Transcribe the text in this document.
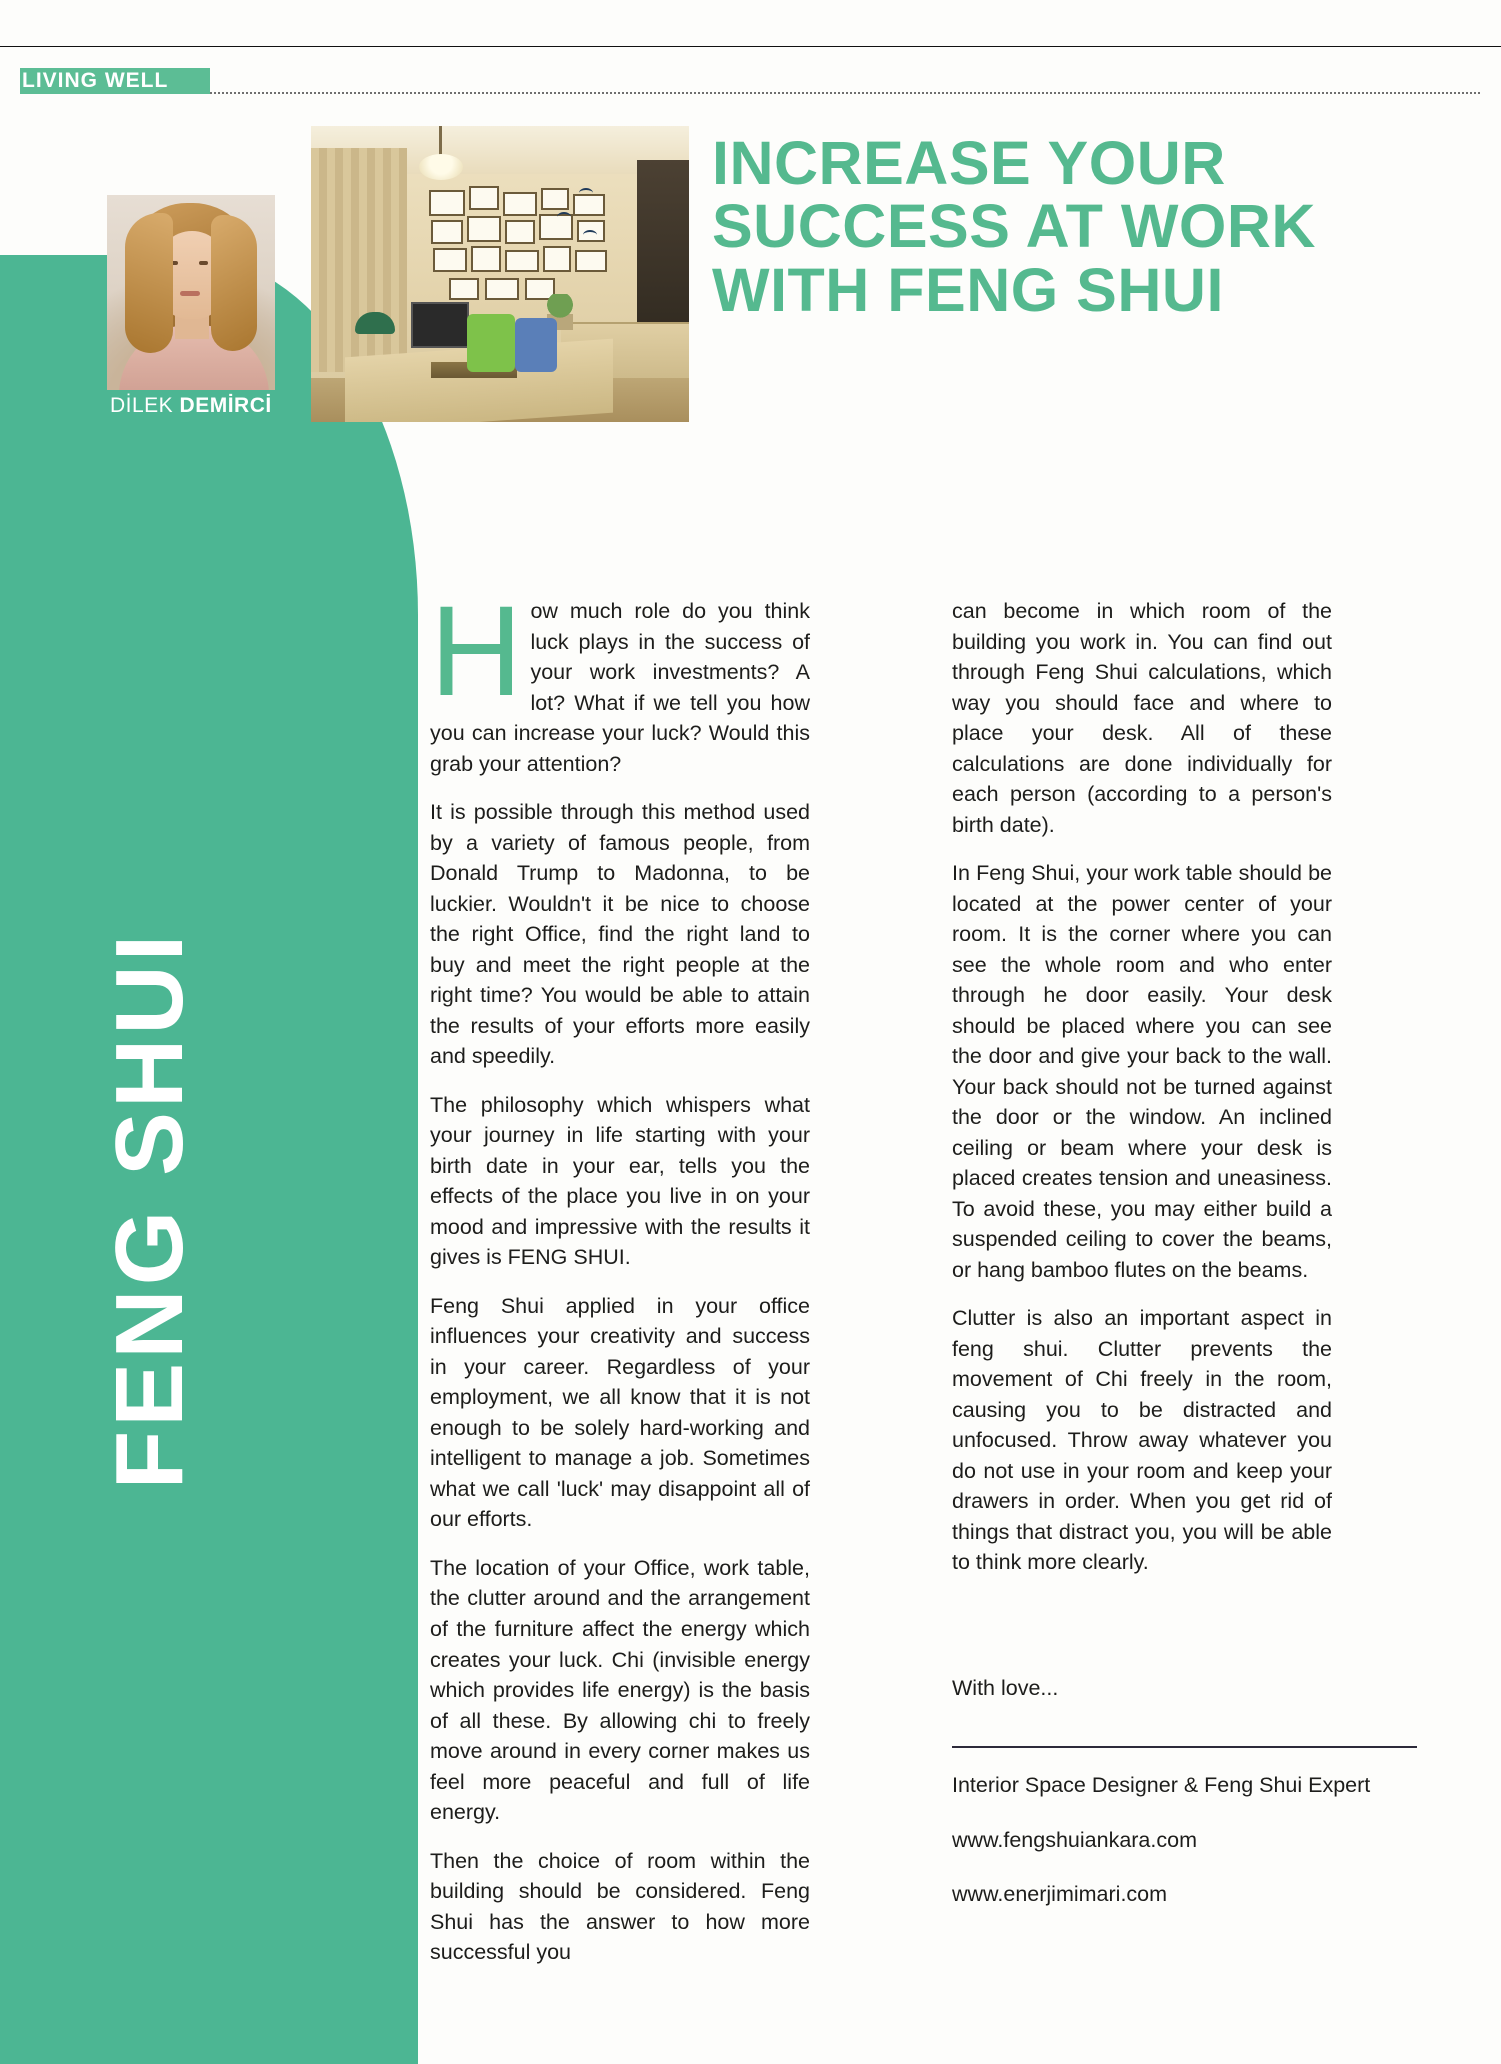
LIVING WELL
FENG SHUI
DİLEK DEMİRCİ
INCREASE YOUR SUCCESS AT WORK WITH FENG SHUI

How much role do you think luck plays in the success of your work investments? A lot? What if we tell you how you can increase your luck? Would this grab your attention?

It is possible through this method used by a variety of famous people, from Donald Trump to Madonna, to be luckier. Wouldn't it be nice to choose the right Office, find the right land to buy and meet the right people at the right time? You would be able to attain the results of your efforts more easily and speedily.

The philosophy which whispers what your journey in life starting with your birth date in your ear, tells you the effects of the place you live in on your mood and impressive with the results it gives is FENG SHUI.

Feng Shui applied in your office influences your creativity and success in your career. Regardless of your employment, we all know that it is not enough to be solely hard-working and intelligent to manage a job. Sometimes what we call 'luck' may disappoint all of our efforts.

The location of your Office, work table, the clutter around and the arrangement of the furniture affect the energy which creates your luck. Chi (invisible energy which provides life energy) is the basis of all these. By allowing chi to freely move around in every corner makes us feel more peaceful and full of life energy.

Then the choice of room within the building should be considered. Feng Shui has the answer to how more successful you

can become in which room of the building you work in. You can find out through Feng Shui calculations, which way you should face and where to place your desk. All of these calculations are done individually for each person (according to a person's birth date).

In Feng Shui, your work table should be located at the power center of your room. It is the corner where you can see the whole room and who enter through he door easily. Your desk should be placed where you can see the door and give your back to the wall. Your back should not be turned against the door or the window. An inclined ceiling or beam where your desk is placed creates tension and uneasiness. To avoid these, you may either build a suspended ceiling to cover the beams, or hang bamboo flutes on the beams.

Clutter is also an important aspect in feng shui. Clutter prevents the movement of Chi freely in the room, causing you to be distracted and unfocused. Throw away whatever you do not use in your room and keep your drawers in order. When you get rid of things that distract you, you will be able to think more clearly.

With love...

Interior Space Designer & Feng Shui Expert

www.fengshuiankara.com

www.enerjimimari.com
